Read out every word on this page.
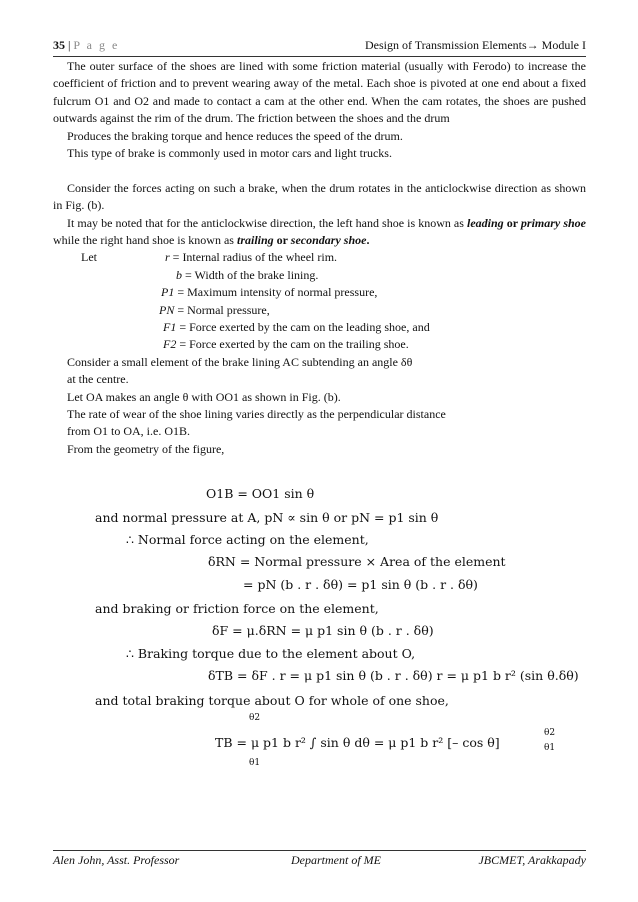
35 | P a g e	Design of Transmission Elements→ Module I

The outer surface of the shoes are lined with some friction material (usually with Ferodo) to increase the coefficient of friction and to prevent wearing away of the metal. Each shoe is pivoted at one end about a fixed fulcrum O1 and O2 and made to contact a cam at the other end. When the cam rotates, the shoes are pushed outwards against the rim of the drum. The friction between the shoes and the drum

Produces the braking torque and hence reduces the speed of the drum.

This type of brake is commonly used in motor cars and light trucks.

Consider the forces acting on such a brake, when the drum rotates in the anticlockwise direction as shown in Fig. (b).

It may be noted that for the anticlockwise direction, the left hand shoe is known as leading or primary shoe while the right hand shoe is known as trailing or secondary shoe.

Let	r = Internal radius of the wheel rim.
b = Width of the brake lining.
P1 = Maximum intensity of normal pressure,
PN = Normal pressure,
F1 = Force exerted by the cam on the leading shoe, and
F2 = Force exerted by the cam on the trailing shoe.

Consider a small element of the brake lining AC subtending an angle δθ

at the centre.

Let OA makes an angle θ with OO1 as shown in Fig. (b).

The rate of wear of the shoe lining varies directly as the perpendicular distance

from O1 to OA, i.e. O1B.

From the geometry of the figure,

O1B = OO1 sin θ
and normal pressure at A, pN ∝ sin θ or pN = p1 sin θ
∴ Normal force acting on the element,
δRN = Normal pressure × Area of the element
= pN (b . r . δθ) = p1 sin θ (b . r . δθ)
and braking or friction force on the element,
δF = μ.δRN = μ p1 sin θ (b . r . δθ)
∴ Braking torque due to the element about O,
δTB = δF . r = μ p1 sin θ (b . r . δθ) r = μ p1 b r² (sin θ.δθ)
and total braking torque about O for whole of one shoe,
θ2
TB = μ p1 b r² ∫ sin θ dθ = μ p1 b r² [– cos θ]
θ1
θ2
θ1
Alen John, Asst. Professor	Department of ME	JBCMET, Arakkapady
